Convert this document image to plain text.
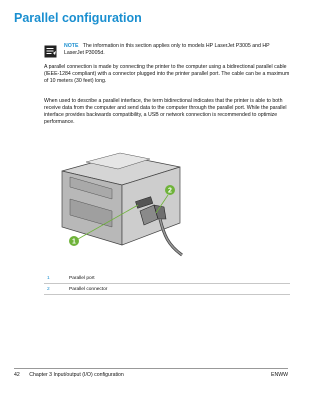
Parallel configuration
NOTE The information in this section applies only to models HP LaserJet P3005 and HP LaserJet P3005d.

A parallel connection is made by connecting the printer to the computer using a bidirectional parallel cable (IEEE-1284 compliant) with a connector plugged into the printer parallel port. The cable can be a maximum of 10 meters (30 feet) long.

When used to describe a parallel interface, the term bidirectional indicates that the printer is able to both receive data from the computer and send data to the computer through the parallel port. While the parallel interface provides backwards compatibility, a USB or network connection is recommended to optimize performance.

1
2
1	Parallel port
2	Parallel connector
42 Chapter 3 Input/output (I/O) configuration	ENWW
